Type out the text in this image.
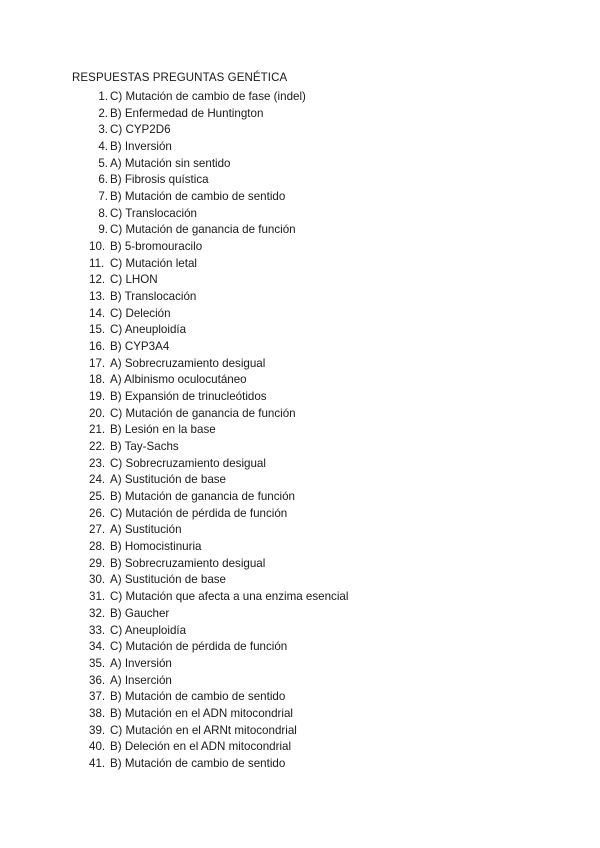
RESPUESTAS PREGUNTAS GENÉTICA
1. C) Mutación de cambio de fase (indel)
2. B) Enfermedad de Huntington
3. C) CYP2D6
4. B) Inversión
5. A) Mutación sin sentido
6. B) Fibrosis quística
7. B) Mutación de cambio de sentido
8. C) Translocación
9. C) Mutación de ganancia de función
10. B) 5-bromouracilo
11. C) Mutación letal
12. C) LHON
13. B) Translocación
14. C) Deleción
15. C) Aneuploidía
16. B) CYP3A4
17. A) Sobrecruzamiento desigual
18. A) Albinismo oculocutáneo
19. B) Expansión de trinucleótidos
20. C) Mutación de ganancia de función
21. B) Lesión en la base
22. B) Tay-Sachs
23. C) Sobrecruzamiento desigual
24. A) Sustitución de base
25. B) Mutación de ganancia de función
26. C) Mutación de pérdida de función
27. A) Sustitución
28. B) Homocistinuria
29. B) Sobrecruzamiento desigual
30. A) Sustitución de base
31. C) Mutación que afecta a una enzima esencial
32. B) Gaucher
33. C) Aneuploidía
34. C) Mutación de pérdida de función
35. A) Inversión
36. A) Inserción
37. B) Mutación de cambio de sentido
38. B) Mutación en el ADN mitocondrial
39. C) Mutación en el ARNt mitocondrial
40. B) Deleción en el ADN mitocondrial
41. B) Mutación de cambio de sentido
